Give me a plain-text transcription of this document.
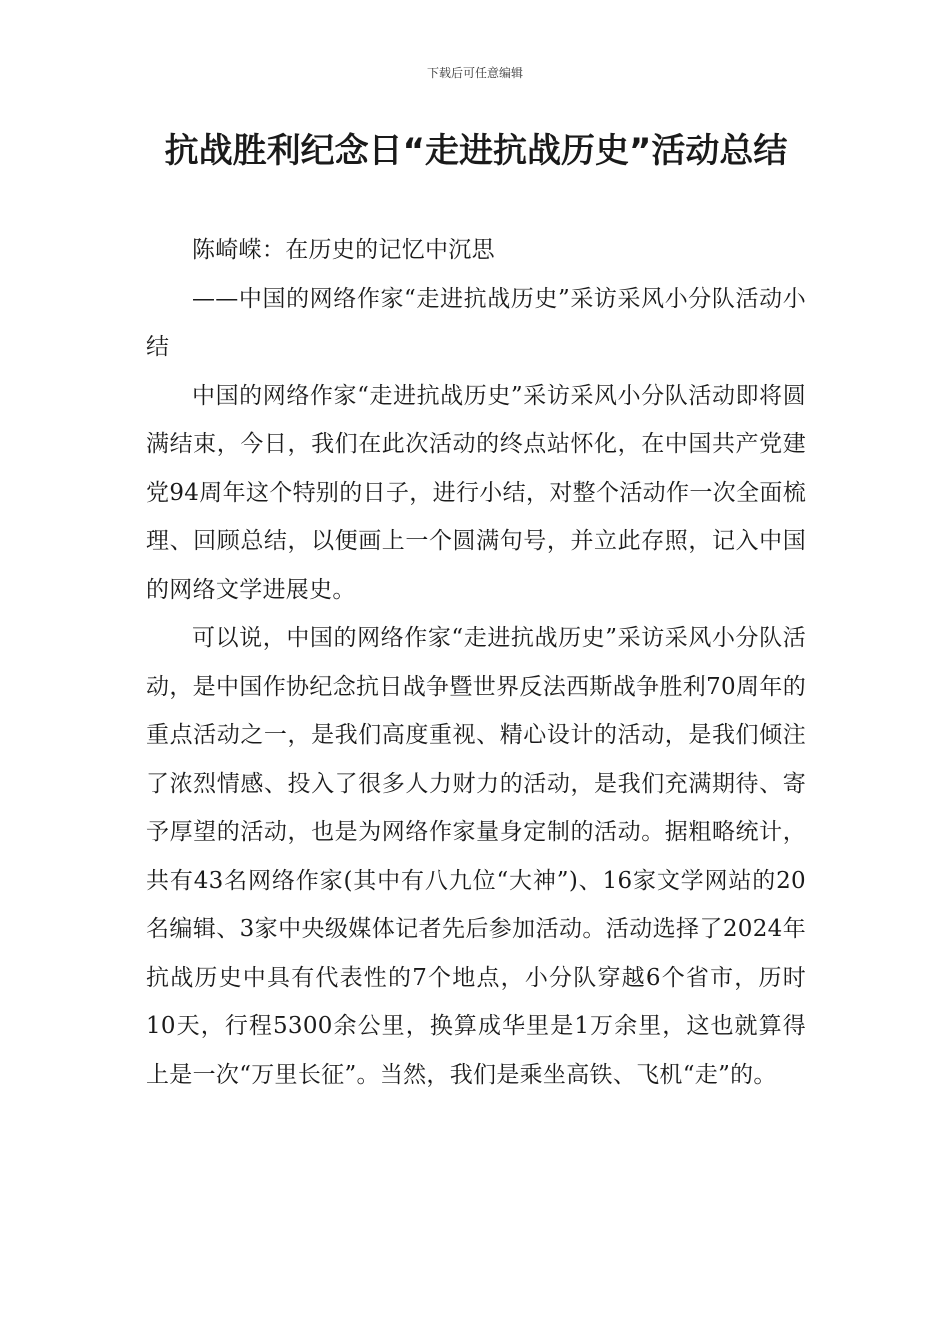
下载后可任意编辑
抗战胜利纪念日“走进抗战历史”活动总结

陈崎嵘：在历史的记忆中沉思

——中国的网络作家“走进抗战历史”采访采风小分队活动小结

中国的网络作家“走进抗战历史”采访采风小分队活动即将圆满结束，今日，我们在此次活动的终点站怀化，在中国共产党建党94周年这个特别的日子，进行小结，对整个活动作一次全面梳理、回顾总结，以便画上一个圆满句号，并立此存照，记入中国的网络文学进展史。

可以说，中国的网络作家“走进抗战历史”采访采风小分队活动，是中国作协纪念抗日战争暨世界反法西斯战争胜利70周年的重点活动之一，是我们高度重视、精心设计的活动，是我们倾注了浓烈情感、投入了很多人力财力的活动，是我们充满期待、寄予厚望的活动，也是为网络作家量身定制的活动。据粗略统计，共有43名网络作家(其中有八九位“大神”)、16家文学网站的20名编辑、3家中央级媒体记者先后参加活动。活动选择了2024年抗战历史中具有代表性的7个地点，小分队穿越6个省市，历时10天，行程5300余公里，换算成华里是1万余里，这也就算得上是一次“万里长征”。当然，我们是乘坐高铁、飞机“走”的。
